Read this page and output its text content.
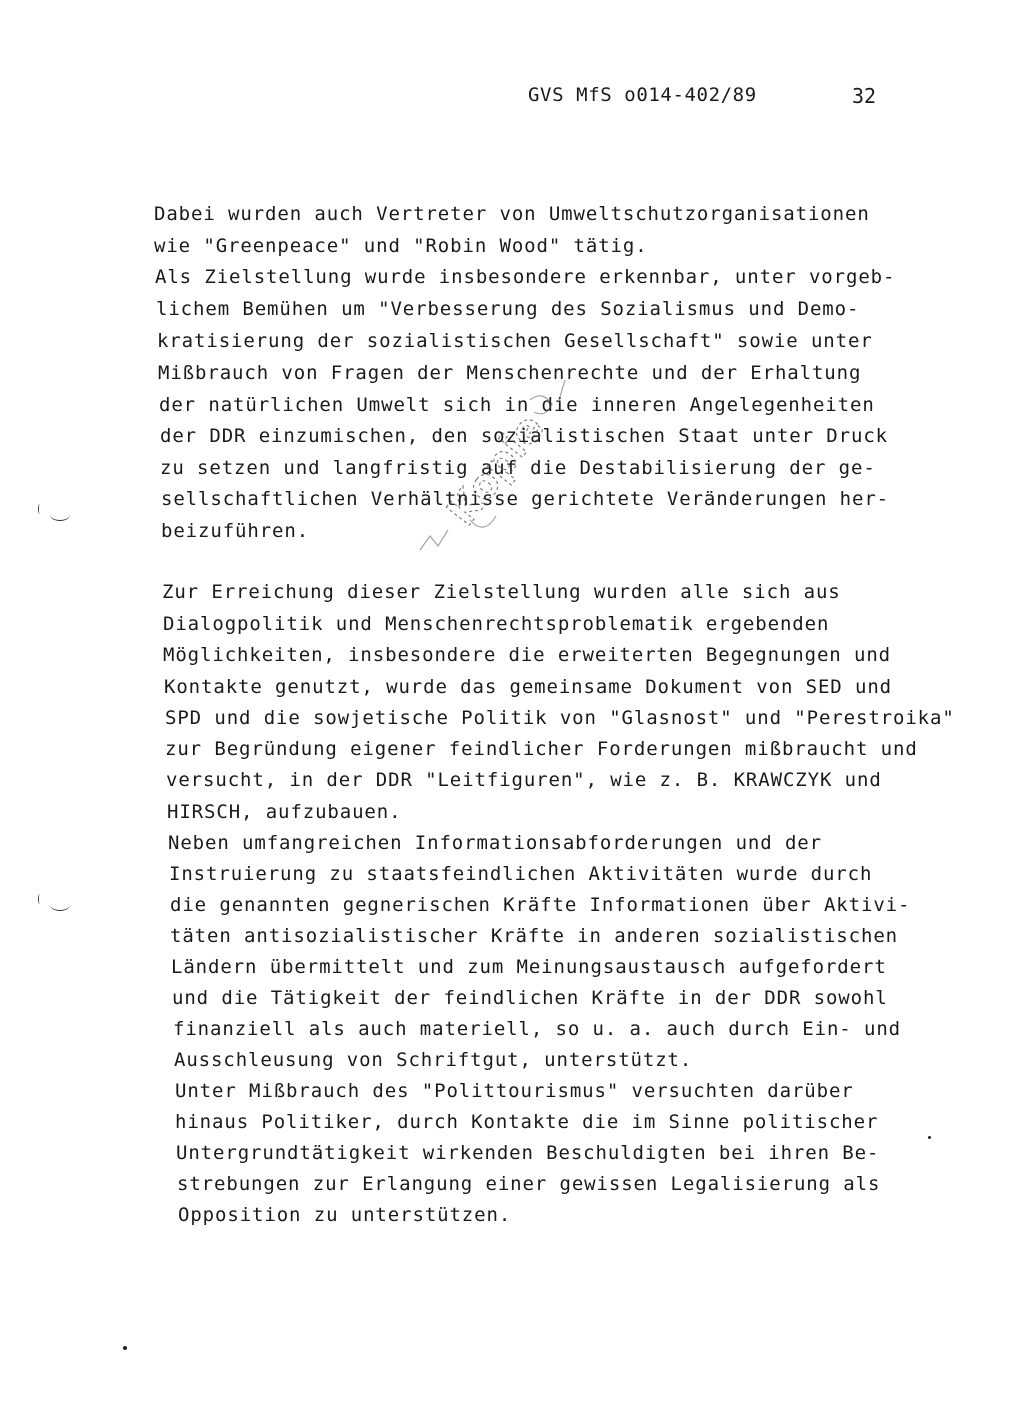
GVS MfS o014-402/89	32
Dabei wurden auch Vertreter von Umweltschutzorganisationen
wie "Greenpeace" und "Robin Wood" tätig.
Als Zielstellung wurde insbesondere erkennbar, unter vorgeb-
lichem Bemühen um "Verbesserung des Sozialismus und Demo-
kratisierung der sozialistischen Gesellschaft" sowie unter
Mißbrauch von Fragen der Menschenrechte und der Erhaltung
der natürlichen Umwelt sich in die inneren Angelegenheiten
der DDR einzumischen, den sozialistischen Staat unter Druck
zu setzen und langfristig auf die Destabilisierung der ge-
sellschaftlichen Verhältnisse gerichtete Veränderungen her-
beizuführen.
Zur Erreichung dieser Zielstellung wurden alle sich aus
Dialogpolitik und Menschenrechtsproblematik ergebenden
Möglichkeiten, insbesondere die erweiterten Begegnungen und
Kontakte genutzt, wurde das gemeinsame Dokument von SED und
SPD und die sowjetische Politik von "Glasnost" und "Perestroika"
zur Begründung eigener feindlicher Forderungen mißbraucht und
versucht, in der DDR "Leitfiguren", wie z. B. KRAWCZYK und
HIRSCH, aufzubauen.
Neben umfangreichen Informationsabforderungen und der
Instruierung zu staatsfeindlichen Aktivitäten wurde durch
die genannten gegnerischen Kräfte Informationen über Aktivi-
täten antisozialistischer Kräfte in anderen sozialistischen
Ländern übermittelt und zum Meinungsaustausch aufgefordert
und die Tätigkeit der feindlichen Kräfte in der DDR sowohl
finanziell als auch materiell, so u. a. auch durch Ein- und
Ausschleusung von Schriftgut, unterstützt.
Unter Mißbrauch des "Polittourismus" versuchten darüber
hinaus Politiker, durch Kontakte die im Sinne politischer
Untergrundtätigkeit wirkenden Beschuldigten bei ihren Be-
strebungen zur Erlangung einer gewissen Legalisierung als
Opposition zu unterstützen.
Kopie
